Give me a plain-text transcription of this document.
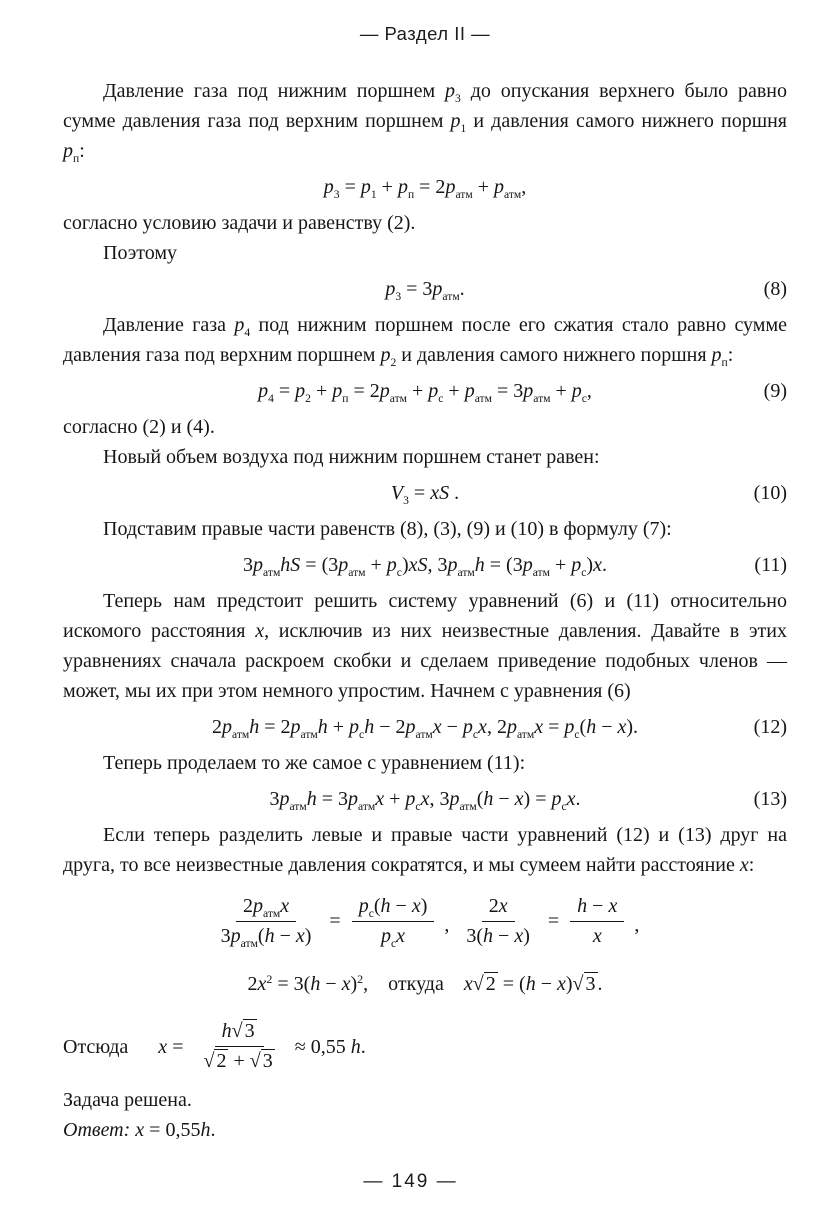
— Раздел II —

Давление газа под нижним поршнем $p_3$ до опускания верхнего было равно сумме давления газа под верхним поршнем $p_1$ и давления самого нижнего поршня $p_п$:

$p_3 = p_1 + p_п = 2p_{атм} + p_{атм}$,

согласно условию задачи и равенству (2).

Поэтому

$p_3 = 3p_{атм}$.	(8)

Давление газа $p_4$ под нижним поршнем после его сжатия стало равно сумме давления газа под верхним поршнем $p_2$ и давления самого нижнего поршня $p_п$:

$p_4 = p_2 + p_п = 2p_{атм} + p_с + p_{атм} = 3p_{атм} + p_с$,	(9)

согласно (2) и (4).

Новый объем воздуха под нижним поршнем станет равен:

$V_3$ = xS .	(10)

Подставим правые части равенств (8), (3), (9) и (10) в формулу (7):

$3p_{атм}hS = (3p_{атм} + p_с)xS$, $3p_{атм}h = (3p_{атм} + p_с)x$.	(11)

Теперь нам предстоит решить систему уравнений (6) и (11) относительно искомого расстояния x, исключив из них неизвестные давления. Давайте в этих уравнениях сначала раскроем скобки и сделаем приведение подобных членов — может, мы их при этом немного упростим. Начнем с уравнения (6)

$2p_{атм}h = 2p_{атм}h + p_сh - 2p_{атм}x - p_сx$, $2p_{атм}x = p_с(h - x)$.	(12)

Теперь проделаем то же самое с уравнением (11):

$3p_{атм}h = 3p_{атм}x + p_сx$, $3p_{атм}(h - x) = p_сx$.	(13)

Если теперь разделить левые и правые части уравнений (12) и (13) друг на друга, то все неизвестные давления сократятся, и мы сумеем найти расстояние x:

$\frac{2p_{атм}x}{3p_{атм}(h - x)} = \frac{p_с(h - x)}{p_сx}$ , $\frac{2x}{3(h - x)} = \frac{h - x}{x}$ ,
$2x^2 = 3(h - x)^2$, откуда x√ 2 = (h − x)√ 3 .
Отсюда $x = \frac{h√ 3}{√ 2 + √ 3} \approx 0,55$ h.

Задача решена.

Ответ: x = 0,55h.

— 149 —
